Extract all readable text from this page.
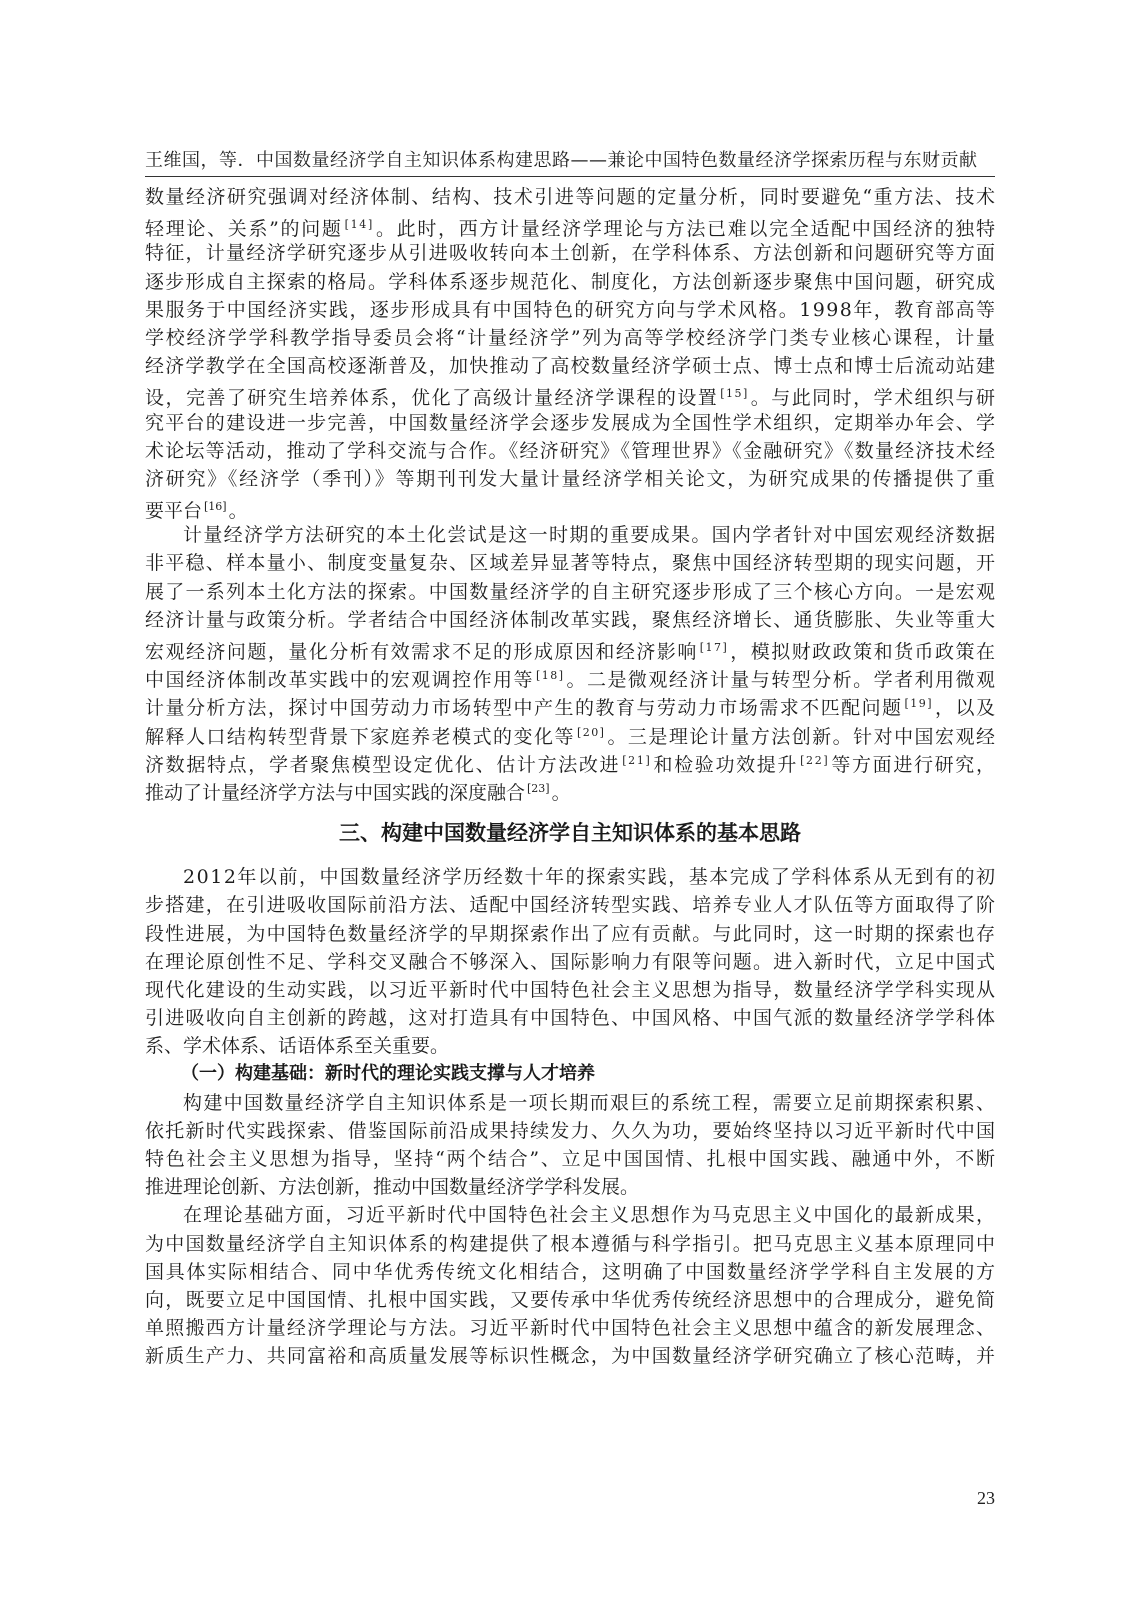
王维国，等．中国数量经济学自主知识体系构建思路——兼论中国特色数量经济学探索历程与东财贡献
数量经济研究强调对经济体制、结构、技术引进等问题的定量分析，同时要避免“重方法、技术
轻理论、关系”的问题 [14] 。此时，西方计量经济学理论与方法已难以完全适配中国经济的独特
特征，计量经济学研究逐步从引进吸收转向本土创新，在学科体系、方法创新和问题研究等方面
逐步形成自主探索的格局。学科体系逐步规范化、制度化，方法创新逐步聚焦中国问题，研究成
果服务于中国经济实践，逐步形成具有中国特色的研究方向与学术风格。1998年，教育部高等
学校经济学学科教学指导委员会将“计量经济学”列为高等学校经济学门类专业核心课程，计量
经济学教学在全国高校逐渐普及，加快推动了高校数量经济学硕士点、博士点和博士后流动站建
设，完善了研究生培养体系，优化了高级计量经济学课程的设置 [15] 。与此同时，学术组织与研
究平台的建设进一步完善，中国数量经济学会逐步发展成为全国性学术组织，定期举办年会、学
术论坛等活动，推动了学科交流与合作。《经济研究》《管理世界》《金融研究》《数量经济技术经
济研究》《经济学（季刊）》等期刊刊发大量计量经济学相关论文，为研究成果的传播提供了重
要平台 [16] 。
计量经济学方法研究的本土化尝试是这一时期的重要成果。国内学者针对中国宏观经济数据
非平稳、样本量小、制度变量复杂、区域差异显著等特点，聚焦中国经济转型期的现实问题，开
展了一系列本土化方法的探索。中国数量经济学的自主研究逐步形成了三个核心方向。一是宏观
经济计量与政策分析。学者结合中国经济体制改革实践，聚焦经济增长、通货膨胀、失业等重大
宏观经济问题，量化分析有效需求不足的形成原因和经济影响 [17] ，模拟财政政策和货币政策在
中国经济体制改革实践中的宏观调控作用等 [18] 。二是微观经济计量与转型分析。学者利用微观
计量分析方法，探讨中国劳动力市场转型中产生的教育与劳动力市场需求不匹配问题 [19] ，以及
解释人口结构转型背景下家庭养老模式的变化等 [20] 。三是理论计量方法创新。针对中国宏观经
济数据特点，学者聚焦模型设定优化、估计方法改进 [21] 和检验功效提升 [22] 等方面进行研究，
推动了计量经济学方法与中国实践的深度融合 [23] 。
三、构建中国数量经济学自主知识体系的基本思路
2012年以前，中国数量经济学历经数十年的探索实践，基本完成了学科体系从无到有的初
步搭建，在引进吸收国际前沿方法、适配中国经济转型实践、培养专业人才队伍等方面取得了阶
段性进展，为中国特色数量经济学的早期探索作出了应有贡献。与此同时，这一时期的探索也存
在理论原创性不足、学科交叉融合不够深入、国际影响力有限等问题。进入新时代，立足中国式
现代化建设的生动实践，以习近平新时代中国特色社会主义思想为指导，数量经济学学科实现从
引进吸收向自主创新的跨越，这对打造具有中国特色、中国风格、中国气派的数量经济学学科体
系、学术体系、话语体系至关重要。
（一）构建基础：新时代的理论实践支撑与人才培养
构建中国数量经济学自主知识体系是一项长期而艰巨的系统工程，需要立足前期探索积累、
依托新时代实践探索、借鉴国际前沿成果持续发力、久久为功，要始终坚持以习近平新时代中国
特色社会主义思想为指导，坚持“两个结合”、立足中国国情、扎根中国实践、融通中外，不断
推进理论创新、方法创新，推动中国数量经济学学科发展。
在理论基础方面，习近平新时代中国特色社会主义思想作为马克思主义中国化的最新成果，
为中国数量经济学自主知识体系的构建提供了根本遵循与科学指引。把马克思主义基本原理同中
国具体实际相结合、同中华优秀传统文化相结合，这明确了中国数量经济学学科自主发展的方
向，既要立足中国国情、扎根中国实践，又要传承中华优秀传统经济思想中的合理成分，避免简
单照搬西方计量经济学理论与方法。习近平新时代中国特色社会主义思想中蕴含的新发展理念、
新质生产力、共同富裕和高质量发展等标识性概念，为中国数量经济学研究确立了核心范畴，并
23
